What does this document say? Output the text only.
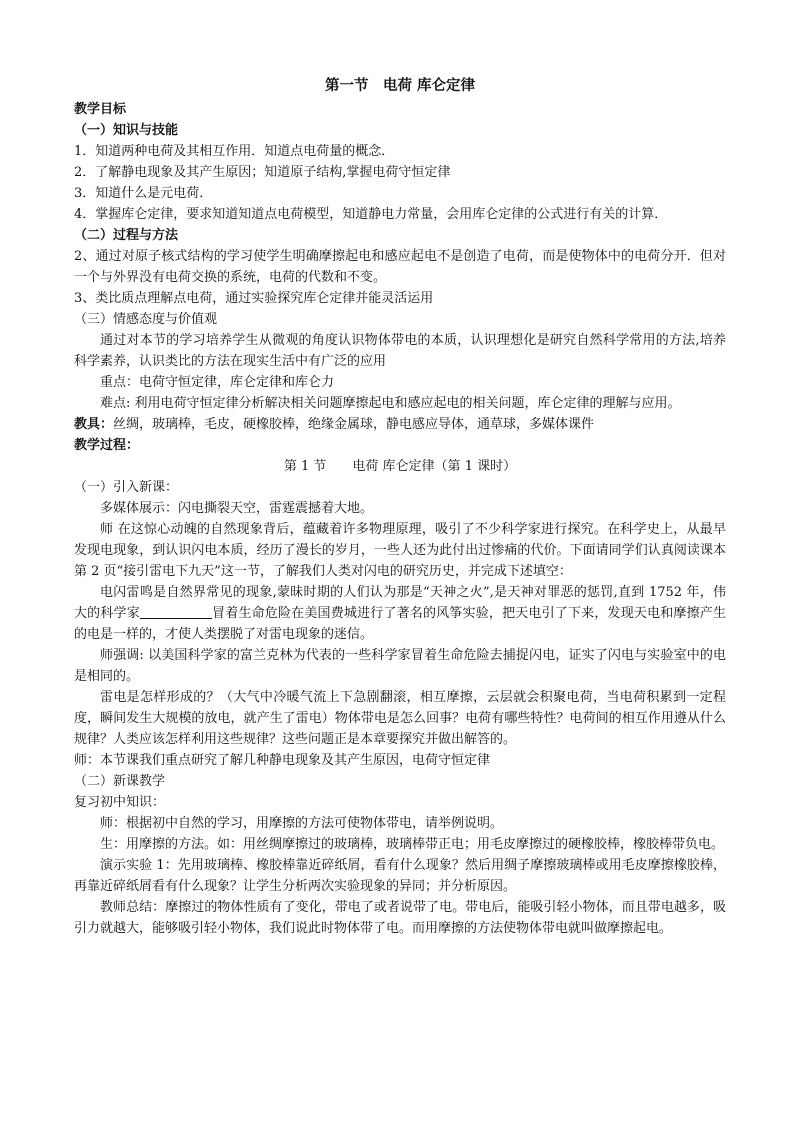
第一节　电荷 库仑定律
教学目标
（一）知识与技能

1．知道两种电荷及其相互作用．知道点电荷量的概念．

2．了解静电现象及其产生原因；知道原子结构,掌握电荷守恒定律

3．知道什么是元电荷．

4．掌握库仑定律，要求知道知道点电荷模型，知道静电力常量，会用库仑定律的公式进行有关的计算．

（二）过程与方法

2、通过对原子核式结构的学习使学生明确摩擦起电和感应起电不是创造了电荷，而是使物体中的电荷分开．但对一个与外界没有电荷交换的系统，电荷的代数和不变。

3、类比质点理解点电荷，通过实验探究库仑定律并能灵活运用

（三）情感态度与价值观

通过对本节的学习培养学生从微观的角度认识物体带电的本质，认识理想化是研究自然科学常用的方法,培养科学素养，认识类比的方法在现实生活中有广泛的应用

重点：电荷守恒定律，库仑定律和库仑力

难点: 利用电荷守恒定律分析解决相关问题摩擦起电和感应起电的相关问题，库仑定律的理解与应用。

教具：丝绸，玻璃棒，毛皮，硬橡胶棒，绝缘金属球，静电感应导体，通草球，多媒体课件

教学过程：

第 1 节　　电荷 库仑定律（第 1 课时）

（一）引入新课：

多媒体展示：闪电撕裂天空，雷霆震撼着大地。

师 在这惊心动魄的自然现象背后，蕴藏着许多物理原理，吸引了不少科学家进行探究。在科学史上，从最早发现电现象，到认识闪电本质，经历了漫长的岁月，一些人还为此付出过惨痛的代价。下面请同学们认真阅读课本第 2 页“接引雷电下九天”这一节，了解我们人类对闪电的研究历史，并完成下述填空：

电闪雷鸣是自然界常见的现象,蒙昧时期的人们认为那是“天神之火”,是天神对罪恶的惩罚,直到 1752 年，伟大的科学家	冒着生命危险在美国费城进行了著名的风筝实验，把天电引了下来，发现天电和摩擦产生的电是一样的，才使人类摆脱了对雷电现象的迷信。

师强调: 以美国科学家的富兰克林为代表的一些科学家冒着生命危险去捕捉闪电，证实了闪电与实验室中的电是相同的。

雷电是怎样形成的？（大气中冷暖气流上下急剧翻滚，相互摩擦，云层就会积聚电荷，当电荷积累到一定程度，瞬间发生大规模的放电，就产生了雷电）物体带电是怎么回事？电荷有哪些特性？电荷间的相互作用遵从什么规律？人类应该怎样利用这些规律？这些问题正是本章要探究并做出解答的。

师：本节课我们重点研究了解几种静电现象及其产生原因，电荷守恒定律

（二）新课教学

复习初中知识：

师：根据初中自然的学习，用摩擦的方法可使物体带电，请举例说明。

生：用摩擦的方法。如：用丝绸摩擦过的玻璃棒，玻璃棒带正电；用毛皮摩擦过的硬橡胶棒，橡胶棒带负电。

演示实验 1：先用玻璃棒、橡胶棒靠近碎纸屑，看有什么现象？然后用绸子摩擦玻璃棒或用毛皮摩擦橡胶棒，再靠近碎纸屑看有什么现象？让学生分析两次实验现象的异同；并分析原因。

教师总结：摩擦过的物体性质有了变化，带电了或者说带了电。带电后，能吸引轻小物体，而且带电越多，吸引力就越大，能够吸引轻小物体，我们说此时物体带了电。而用摩擦的方法使物体带电就叫做摩擦起电。
